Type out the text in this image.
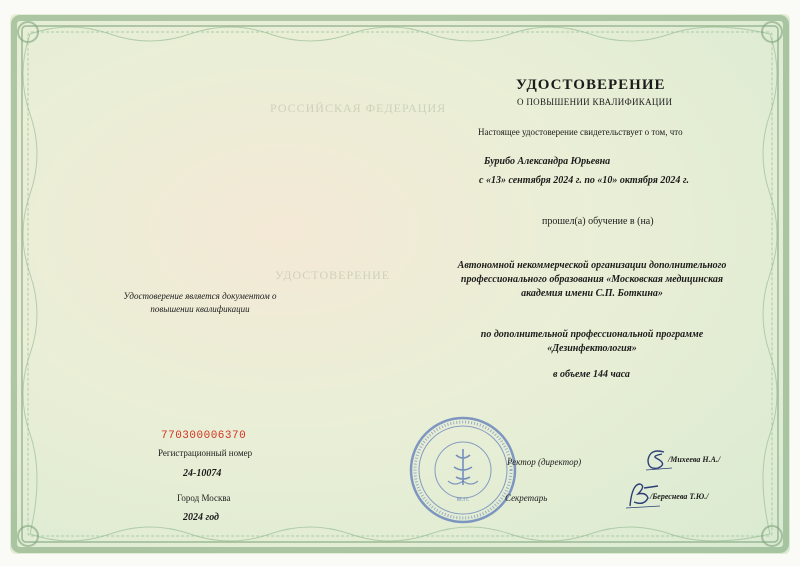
РОССИЙСКАЯ ФЕДЕРАЦИЯ
УДОСТОВЕРЕНИЕ
УДОСТОВЕРЕНИЕ
О ПОВЫШЕНИИ КВАЛИФИКАЦИИ
Настоящее удостоверение свидетельствует о том, что
Бурибо Александра Юрьевна
с «13» сентября 2024 г. по «10» октября 2024 г.
прошел(а) обучение в (на)
Автономной некоммерческой организации дополнительного профессионального образования «Московская медицинская академия имени С.П. Боткина»
по дополнительной профессиональной программе «Дезинфектология»
в объеме 144 часа
Удостоверение является документом о повышении квалификации
770300006370
Регистрационный номер
24-10074
Город Москва
2024 год
М.П.
Ректор (директор)	/Михеева Н.А./
Секретарь	/Береснева Т.Ю./
